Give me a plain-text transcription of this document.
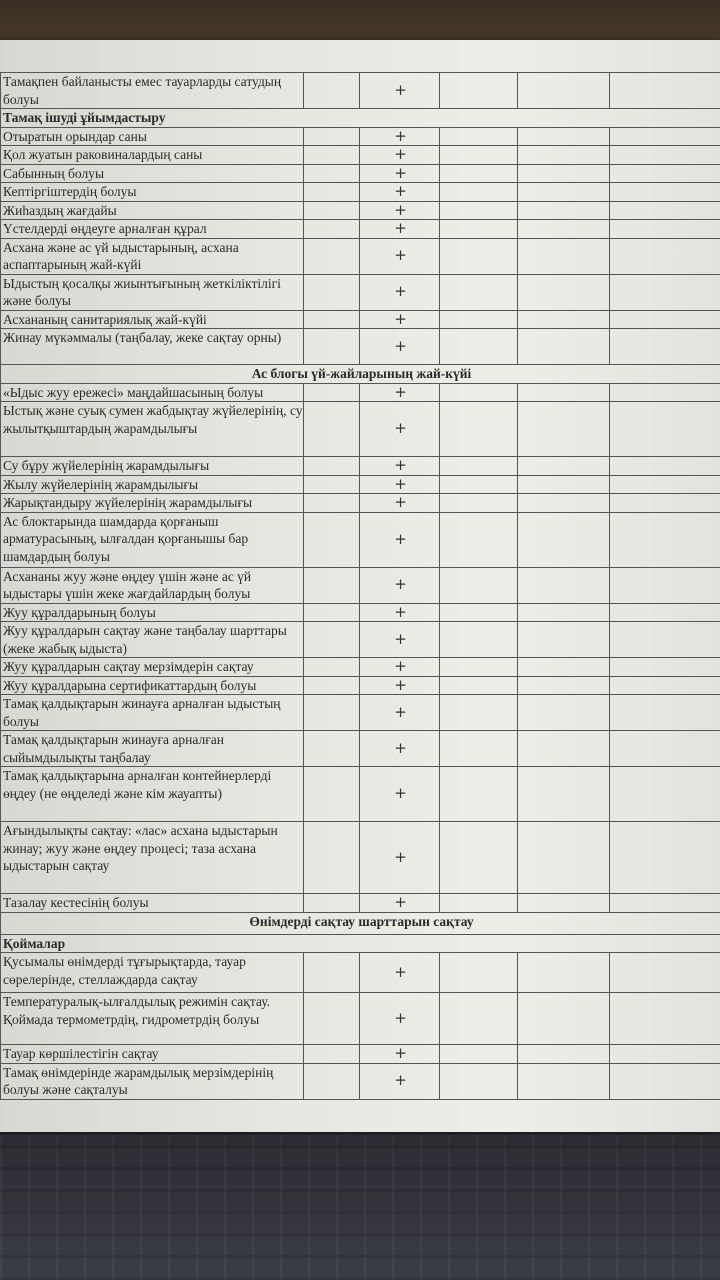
Тамақпен байланысты емес тауарларды сатудың болуы		+			
Тамақ ішуді ұйымдастыру					
Отыратын орындар саны		+			
Қол жуатын раковиналардың саны		+			
Сабынның болуы		+			
Кептіргіштердің болуы		+			
Жиһаздың жағдайы		+			
Үстелдерді өңдеуге арналған құрал		+			
Асхана және ас үй ыдыстарының, асхана аспаптарының жай-күйі		+			
Ыдыстың қосалқы жиынтығының жеткіліктілігі және болуы		+			
Асхананың санитариялық жай-күйі		+			
Жинау мүкәммалы (таңбалау, жеке сақтау орны)		+			
Ас блогы үй-жайларының жай-күйі					
«Ыдыс жуу ережесі» маңдайшасының болуы		+			
Ыстық және суық сумен жабдықтау жүйелерінің, су жылытқыштардың жарамдылығы		+			
Су бұру жүйелерінің жарамдылығы		+			
Жылу жүйелерінің жарамдылығы		+			
Жарықтандыру жүйелерінің жарамдылығы		+			
Ас блоктарында шамдарда қорғаныш арматурасының, ылғалдан қорғанышы бар шамдардың болуы		+			
Асхананы жуу және өңдеу үшін және ас үй ыдыстары үшін жеке жағдайлардың болуы		+			
Жуу құралдарының болуы		+			
Жуу құралдарын сақтау және таңбалау шарттары (жеке жабық ыдыста)		+			
Жуу құралдарын сақтау мерзімдерін сақтау		+			
Жуу құралдарына сертификаттардың болуы		+			
Тамақ қалдықтарын жинауға арналған ыдыстың болуы		+			
Тамақ қалдықтарын жинауға арналған сыйымдылықты таңбалау		+			
Тамақ қалдықтарына арналған контейнерлерді өңдеу (не өңделеді және кім жауапты)		+			
Ағындылықты сақтау: «лас» асхана ыдыстарын жинау; жуу және өңдеу процесі; таза асхана ыдыстарын сақтау		+			
Тазалау кестесінің болуы		+			
Өнімдерді сақтау шарттарын сақтау					
Қоймалар					
Қусымалы өнімдерді тұғырықтарда, тауар сөрелерінде, стеллаждарда сақтау		+			
Температуралық-ылғалдылық режимін сақтау. Қоймада термометрдің, гидрометрдің болуы		+			
Тауар көршілестігін сақтау		+			
Тамақ өнімдерінде жарамдылық мерзімдерінің болуы және сақталуы		+			
